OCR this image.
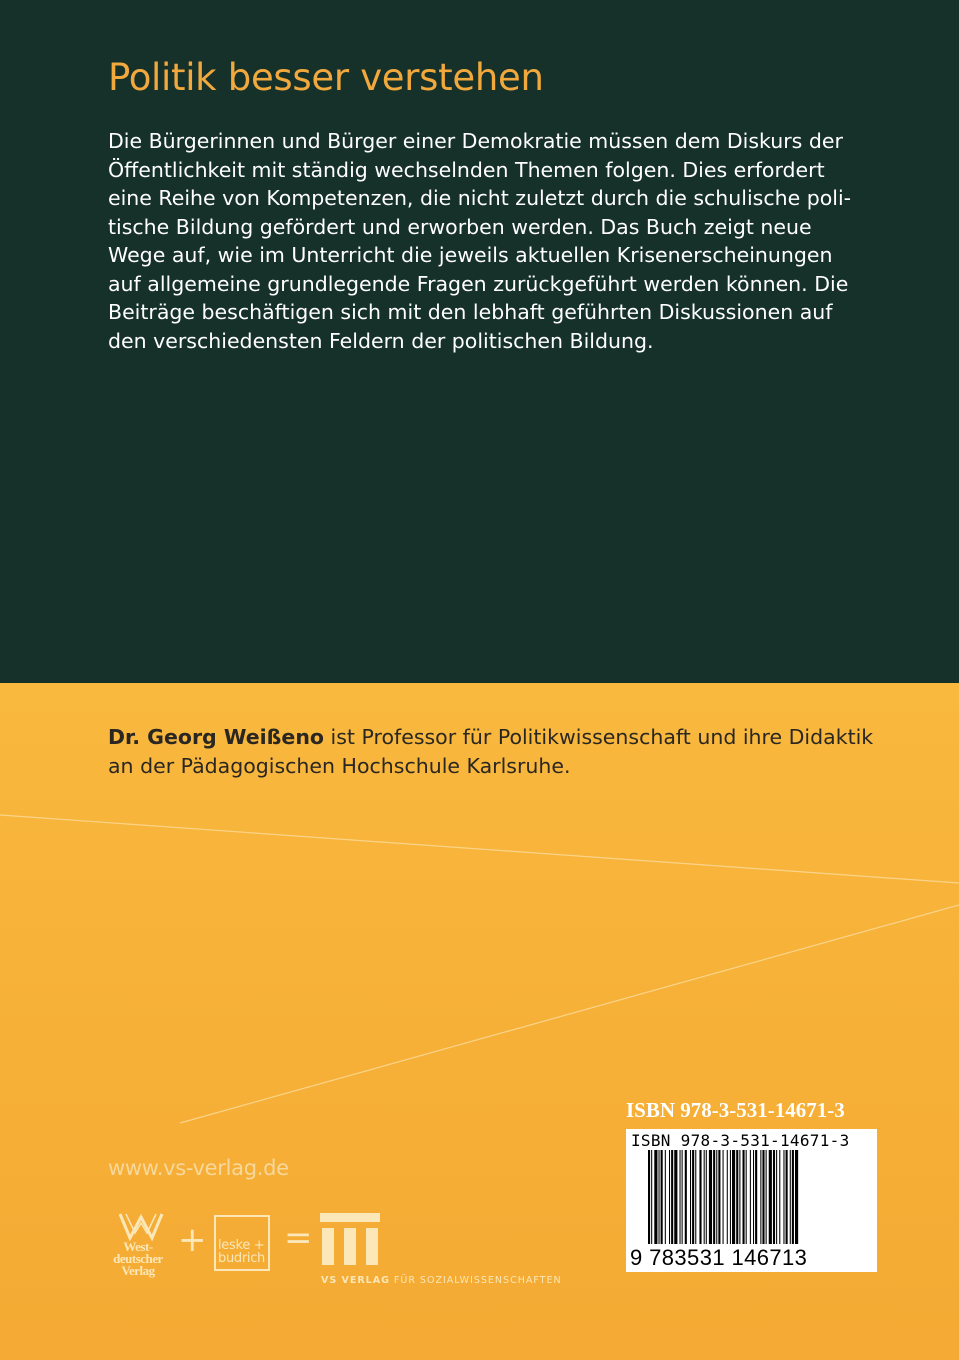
Politik besser verstehen
Die Bürgerinnen und Bürger einer Demokratie müssen dem Diskurs der
Öffentlichkeit mit ständig wechselnden Themen folgen. Dies erfordert
eine Reihe von Kompetenzen, die nicht zuletzt durch die schulische poli-
tische Bildung gefördert und erworben werden. Das Buch zeigt neue
Wege auf, wie im Unterricht die jeweils aktuellen Krisenerscheinungen
auf allgemeine grundlegende Fragen zurückgeführt werden können. Die
Beiträge beschäftigen sich mit den lebhaft geführten Diskussionen auf
den verschiedensten Feldern der politischen Bildung.
Dr. Georg Weißeno ist Professor für Politikwissenschaft und ihre Didaktik
an der Pädagogischen Hochschule Karlsruhe.
www.vs-verlag.de
ISBN 978-3-531-14671-3
ISBN 978-3-531-14671-3
9 783531 146713
West-
deutscher
Verlag
+ leske +
budrich
=
VS VERLAG FÜR SOZIALWISSENSCHAFTEN
